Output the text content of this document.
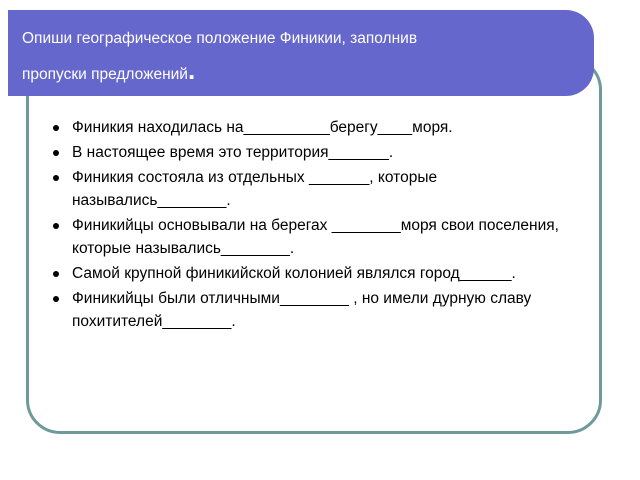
Опиши географическое положение Финикии, заполнив
пропуски предложений.
Финикия находилась на__________берегу____моря.
В настоящее время это территория_______.
Финикия состояла из отдельных _______, которые назывались________.
Финикийцы основывали на берегах ________моря свои поселения, которые назывались________.
Самой крупной финикийской колонией являлся город______.
Финикийцы были отличными________ , но имели дурную славу похитителей________.
